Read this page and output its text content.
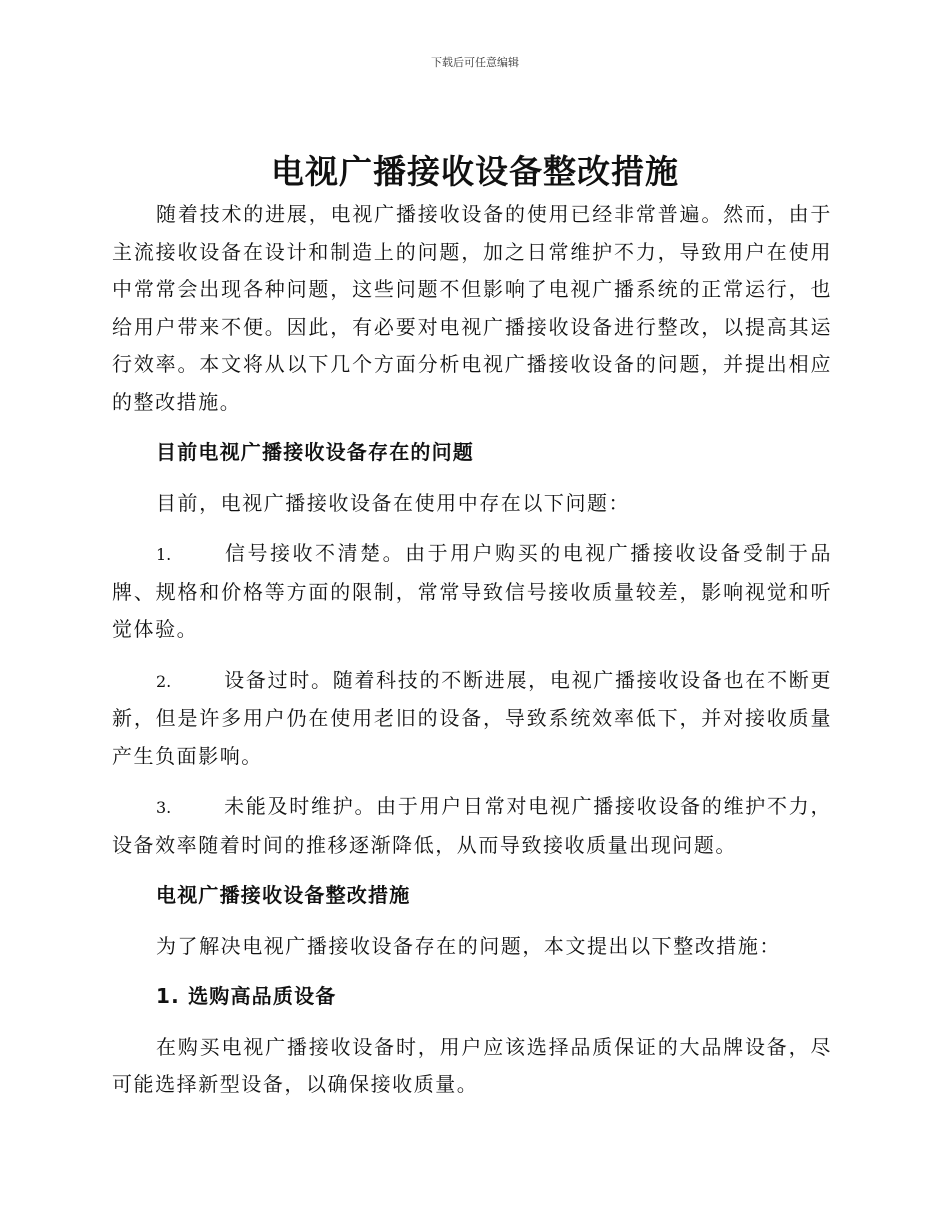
下载后可任意编辑
电视广播接收设备整改措施

随着技术的进展，电视广播接收设备的使用已经非常普遍。然而，由于主流接收设备在设计和制造上的问题，加之日常维护不力，导致用户在使用中常常会出现各种问题，这些问题不但影响了电视广播系统的正常运行，也给用户带来不便。因此，有必要对电视广播接收设备进行整改，以提高其运行效率。本文将从以下几个方面分析电视广播接收设备的问题，并提出相应的整改措施。

目前电视广播接收设备存在的问题

目前，电视广播接收设备在使用中存在以下问题：

1.	信号接收不清楚。由于用户购买的电视广播接收设备受制于品牌、规格和价格等方面的限制，常常导致信号接收质量较差，影响视觉和听觉体验。

2.	设备过时。随着科技的不断进展，电视广播接收设备也在不断更新，但是许多用户仍在使用老旧的设备，导致系统效率低下，并对接收质量产生负面影响。

3.	未能及时维护。由于用户日常对电视广播接收设备的维护不力，设备效率随着时间的推移逐渐降低，从而导致接收质量出现问题。

电视广播接收设备整改措施

为了解决电视广播接收设备存在的问题，本文提出以下整改措施：

1. 选购高品质设备

在购买电视广播接收设备时，用户应该选择品质保证的大品牌设备，尽可能选择新型设备，以确保接收质量。
